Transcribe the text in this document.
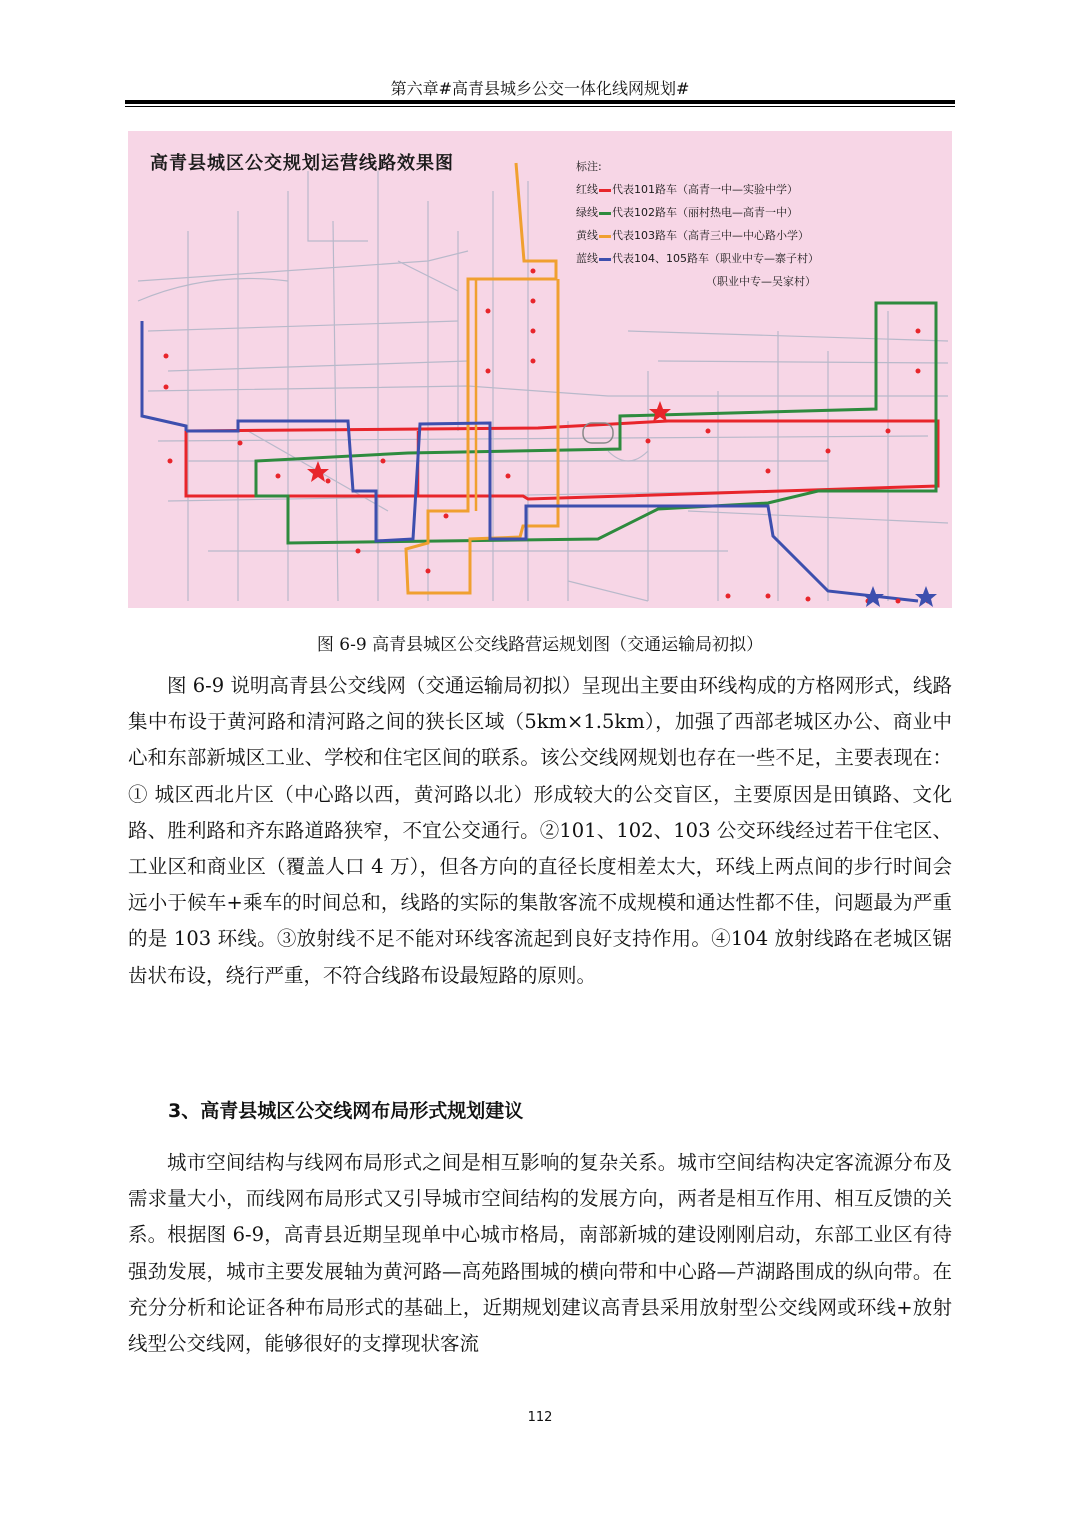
第六章#高青县城乡公交一体化线网规划#
高青县城区公交规划运营线路效果图	标注:
红线 代表101路车（高青一中—实验中学）
绿线 代表102路车（丽村热电—高青一中）
黄线 代表103路车（高青三中—中心路小学）
蓝线 代表104、105路车（职业中专—寨子村）
（职业中专—吴家村）
图 6-9 高青县城区公交线路营运规划图（交通运输局初拟）

图 6-9 说明高青县公交线网（交通运输局初拟）呈现出主要由环线构成的方格网形式，线路集中布设于黄河路和清河路之间的狭长区域（5km×1.5km），加强了西部老城区办公、商业中心和东部新城区工业、学校和住宅区间的联系。该公交线网规划也存在一些不足，主要表现在：① 城区西北片区（中心路以西，黄河路以北）形成较大的公交盲区，主要原因是田镇路、文化路、胜利路和齐东路道路狭窄，不宜公交通行。②101、102、103 公交环线经过若干住宅区、工业区和商业区（覆盖人口 4 万），但各方向的直径长度相差太大，环线上两点间的步行时间会远小于候车+乘车的时间总和，线路的实际的集散客流不成规模和通达性都不佳，问题最为严重的是 103 环线。③放射线不足不能对环线客流起到良好支持作用。④104 放射线路在老城区锯齿状布设，绕行严重，不符合线路布设最短路的原则。

3、高青县城区公交线网布局形式规划建议

城市空间结构与线网布局形式之间是相互影响的复杂关系。城市空间结构决定客流源分布及需求量大小，而线网布局形式又引导城市空间结构的发展方向，两者是相互作用、相互反馈的关系。根据图 6-9，高青县近期呈现单中心城市格局，南部新城的建设刚刚启动，东部工业区有待强劲发展，城市主要发展轴为黄河路—高苑路围城的横向带和中心路—芦湖路围成的纵向带。在充分分析和论证各种布局形式的基础上，近期规划建议高青县采用放射型公交线网或环线+放射线型公交线网，能够很好的支撑现状客流

112
